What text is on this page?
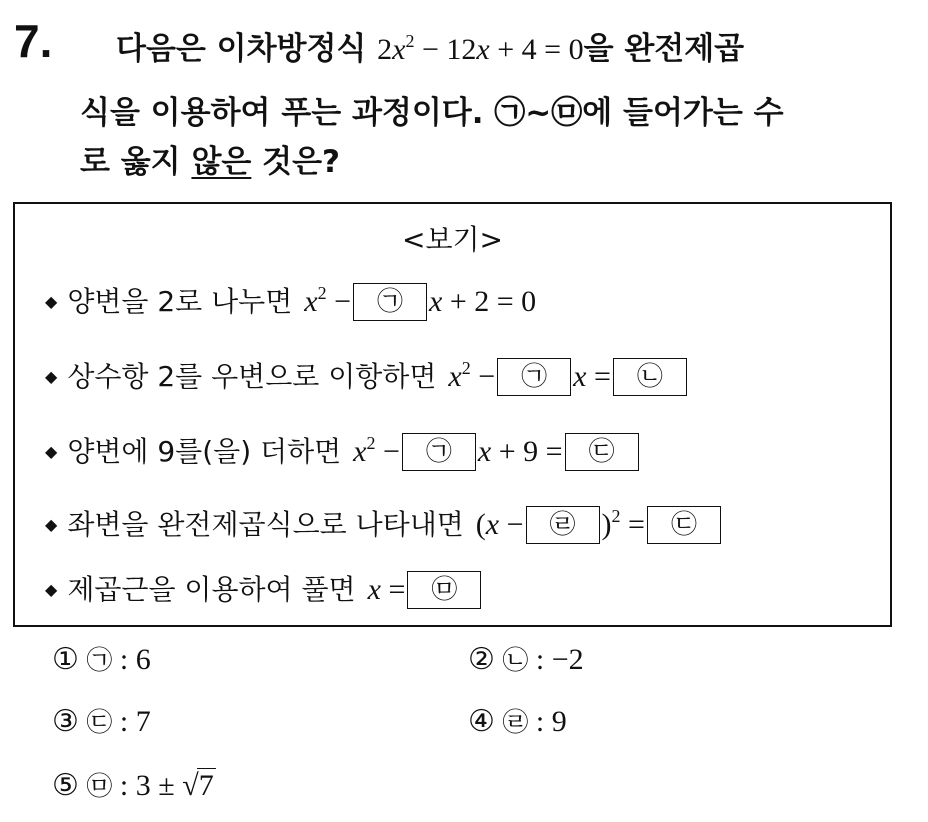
7. 다음은 이차방정식 $2x^2 - 12x + 4 = 0$을 완전제곱
식을 이용하여 푸는 과정이다. ㉠~㉤에 들어가는 수
로 옳지 않은 것은?
<보기>
◆ 양변을 2로 나누면 $x^2$ − ㉠ x + 2 = 0
◆ 상수항 2를 우변으로 이항하면 $x^2$ − ㉠ x = ㉡
◆ 양변에 9를(을) 더하면 $x^2$ − ㉠ x + 9 = ㉢
◆ 좌변을 완전제곱식으로 나타내면 (x − ㉣ )$^2$ = ㉢
◆ 제곱근을 이용하여 풀면 x = ㉤
① ㉠ : 6	② ㉡ : −2
③ ㉢ : 7	④ ㉣ : 9
⑤ ㉤ : 3 ± √7
